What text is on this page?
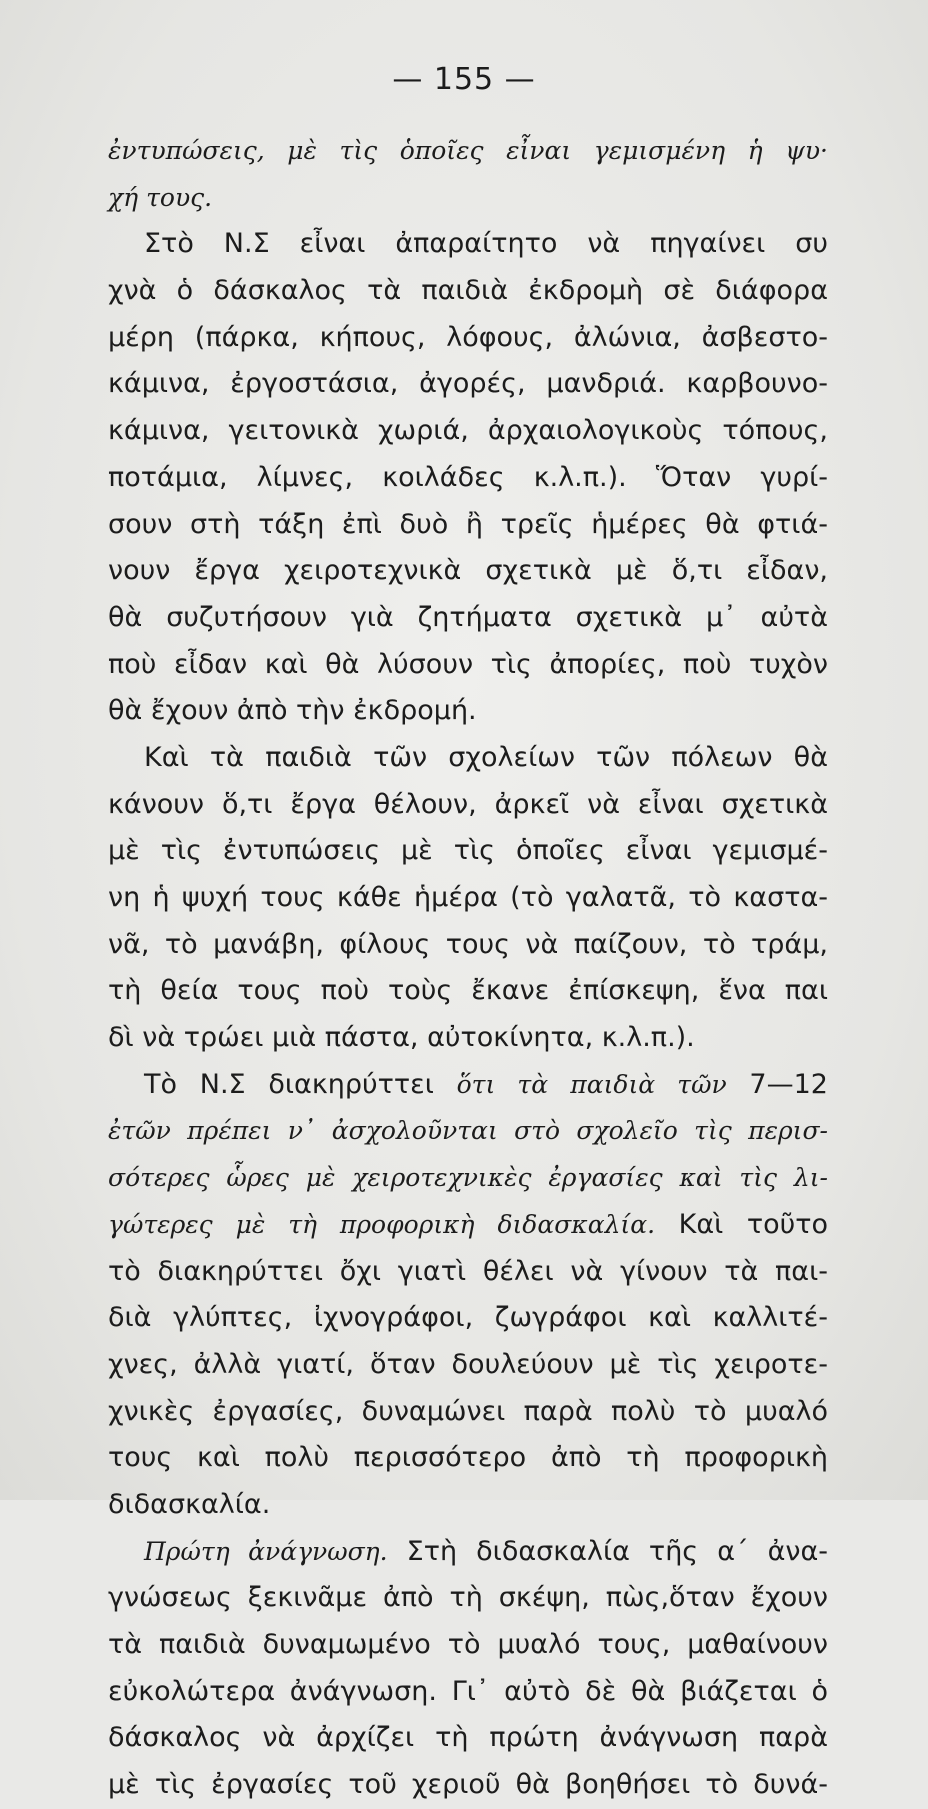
— 155 —
ἐντυπώσεις, μὲ τὶς ὁποῖες εἶναι γεμισμένη ἡ ψυ·
χή τους.
Στὸ Ν.Σ εἶναι ἀπαραίτητο νὰ πηγαίνει συ
χνὰ ὁ δάσκαλος τὰ παιδιὰ ἐκδρομὴ σὲ διάφορα
μέρη (πάρκα, κήπους, λόφους, ἀλώνια, ἀσβεστο-
κάμινα, ἐργοστάσια, ἀγορές, μανδριά. καρβουνο-
κάμινα, γειτονικὰ χωριά, ἀρχαιολογικοὺς τόπους,
ποτάμια, λίμνες, κοιλάδες κ.λ.π.). Ὅταν γυρί-
σουν στὴ τάξη ἐπὶ δυὸ ἢ τρεῖς ἡμέρες θὰ φτιά-
νουν ἔργα χειροτεχνικὰ σχετικὰ μὲ ὅ,τι εἶδαν,
θὰ συζυτήσουν γιὰ ζητήματα σχετικὰ μ᾽ αὐτὰ
ποὺ εἶδαν καὶ θὰ λύσουν τὶς ἀπορίες, ποὺ τυχὸν
θὰ ἔχουν ἀπὸ τὴν ἐκδρομή.
Καὶ τὰ παιδιὰ τῶν σχολείων τῶν πόλεων θὰ
κάνουν ὅ,τι ἔργα θέλουν, ἀρκεῖ νὰ εἶναι σχετικὰ
μὲ τὶς ἐντυπώσεις μὲ τὶς ὁποῖες εἶναι γεμισμέ-
νη ἡ ψυχή τους κάθε ἡμέρα (τὸ γαλατᾶ, τὸ καστα-
νᾶ, τὸ μανάβη, φίλους τους νὰ παίζουν, τὸ τράμ,
τὴ θεία τους ποὺ τοὺς ἔκανε ἐπίσκεψη, ἕνα παι
δὶ νὰ τρώει μιὰ πάστα, αὐτοκίνητα, κ.λ.π.).
Τὸ Ν.Σ διακηρύττει ὅτι τὰ παιδιὰ τῶν 7—12
ἐτῶν πρέπει ν᾽ ἀσχολοῦνται στὸ σχολεῖο τὶς περισ-
σότερες ὧρες μὲ χειροτεχνικὲς ἐργασίες καὶ τὶς λι-
γώτερες μὲ τὴ προφορικὴ διδασκαλία. Καὶ τοῦτο
τὸ διακηρύττει ὄχι γιατὶ θέλει νὰ γίνουν τὰ παι-
διὰ γλύπτες, ἰχνογράφοι, ζωγράφοι καὶ καλλιτέ-
χνες, ἀλλὰ γιατί, ὅταν δουλεύουν μὲ τὶς χειροτε-
χνικὲς ἐργασίες, δυναμώνει παρὰ πολὺ τὸ μυαλό
τους καὶ πολὺ περισσότερο ἀπὸ τὴ προφορικὴ
διδασκαλία.
Πρώτη ἀνάγνωση. Στὴ διδασκαλία τῆς α΄ ἀνα-
γνώσεως ξεκινᾶμε ἀπὸ τὴ σκέψη, πὼς,ὅταν ἔχουν
τὰ παιδιὰ δυναμωμένο τὸ μυαλό τους, μαθαίνουν
εὐκολώτερα ἀνάγνωση. Γι᾽ αὐτὸ δὲ θὰ βιάζεται ὁ
δάσκαλος νὰ ἀρχίζει τὴ πρώτη ἀνάγνωση παρὰ
μὲ τὶς ἐργασίες τοῦ χεριοῦ θὰ βοηθήσει τὸ δυνά-
